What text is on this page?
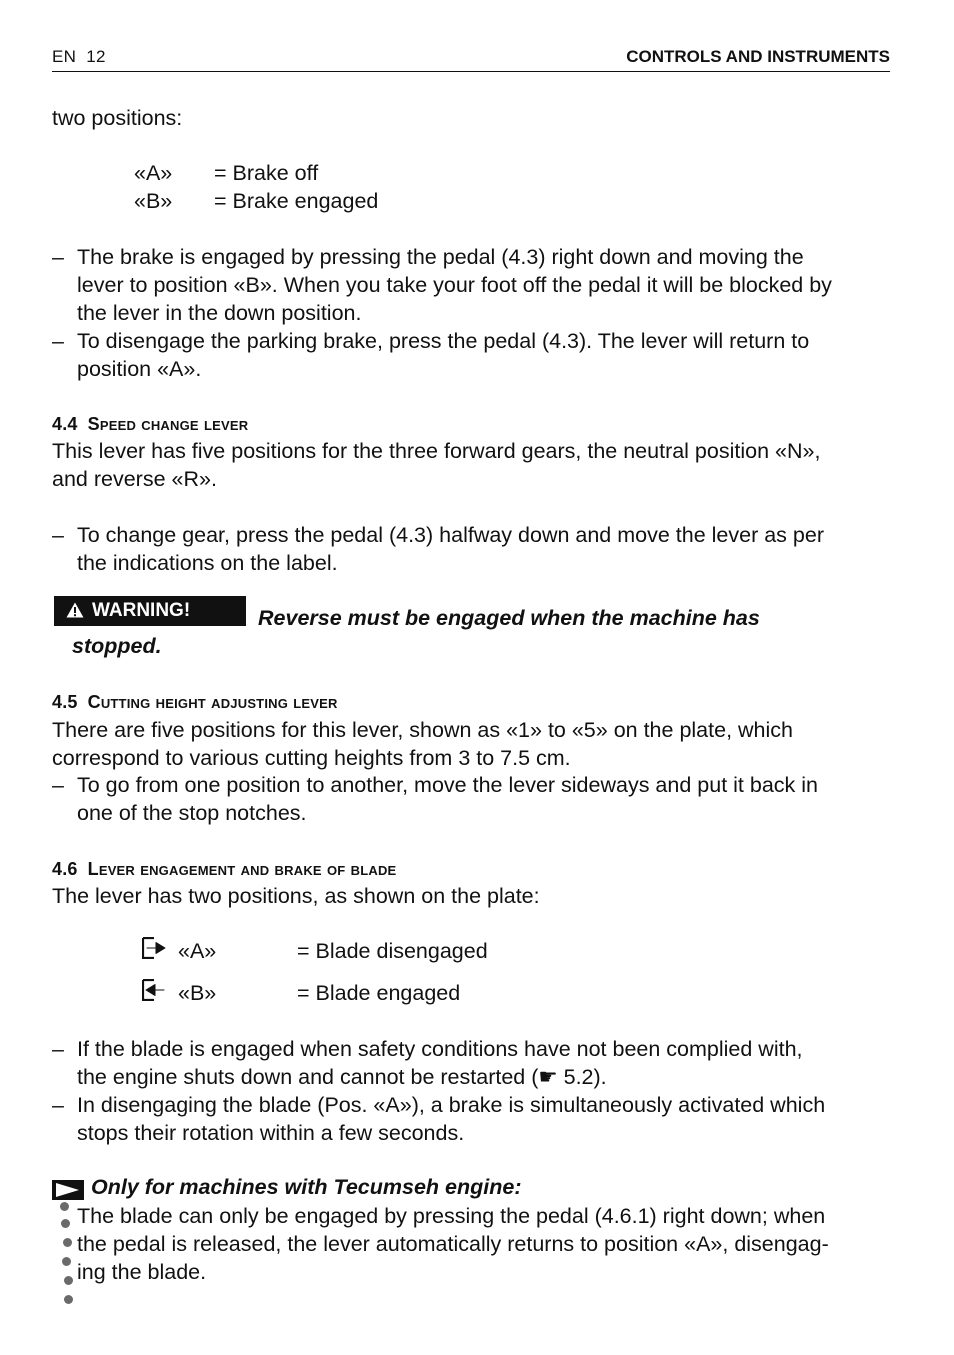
EN 12	CONTROLS AND INSTRUMENTS
two positions:
«A» = Brake off
«B» = Brake engaged
– The brake is engaged by pressing the pedal (4.3) right down and moving the
lever to position «B». When you take your foot off the pedal it will be blocked by
the lever in the down position.
– To disengage the parking brake, press the pedal (4.3). The lever will return to
position «A».
4.4 Speed change lever
This lever has five positions for the three forward gears, the neutral position «N»,
and reverse «R».
– To change gear, press the pedal (4.3) halfway down and move the lever as per
the indications on the label.
WARNING!	Reverse must be engaged when the machine has
stopped.
4.5 Cutting height adjusting lever
There are five positions for this lever, shown as «1» to «5» on the plate, which
correspond to various cutting heights from 3 to 7.5 cm.
– To go from one position to another, move the lever sideways and put it back in
one of the stop notches.
4.6 Lever engagement and brake of blade
The lever has two positions, as shown on the plate:
«A»	= Blade disengaged
«B»	= Blade engaged
– If the blade is engaged when safety conditions have not been complied with,
the engine shuts down and cannot be restarted (☛ 5.2).
– In disengaging the blade (Pos. «A»), a brake is simultaneously activated which
stops their rotation within a few seconds.
Only for machines with Tecumseh engine:
The blade can only be engaged by pressing the pedal (4.6.1) right down; when
the pedal is released, the lever automatically returns to position «A», disengag-
ing the blade.
